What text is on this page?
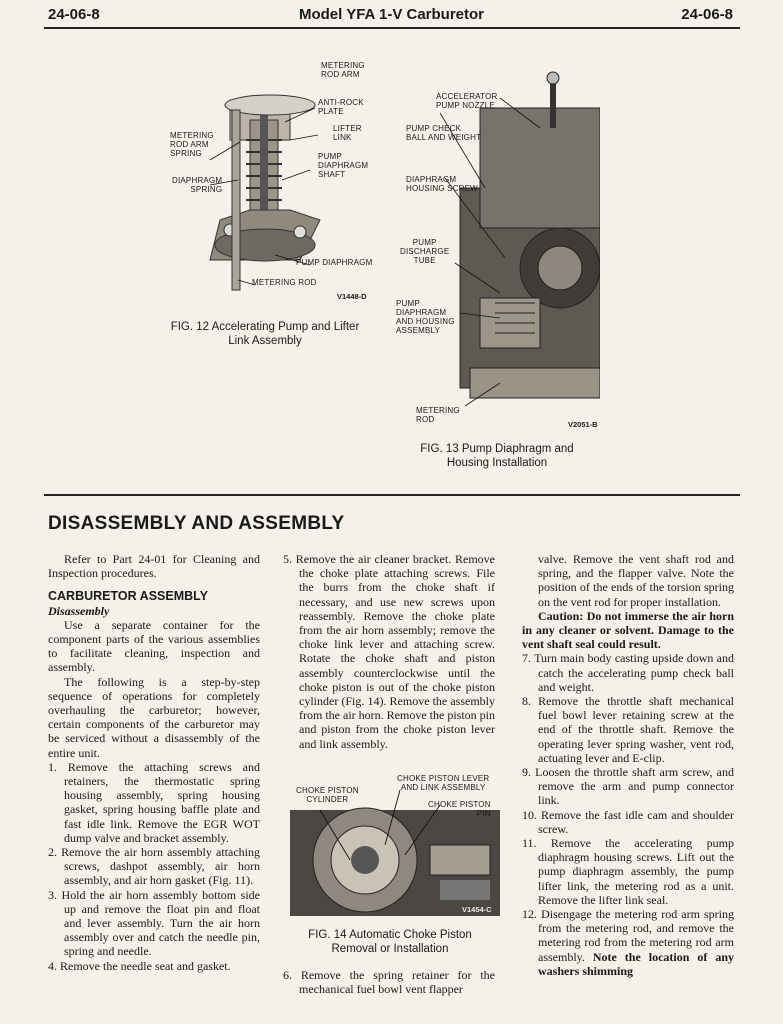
24-06-8	Model YFA 1-V Carburetor	24-06-8
METERING
ROD ARM
ANTI-ROCK
PLATE
LIFTER
LINK
PUMP
DIAPHRAGM
SHAFT
METERING
ROD ARM
SPRING
DIAPHRAGM
SPRING
PUMP DIAPHRAGM
METERING ROD
V1448-D
FIG. 12 Accelerating Pump and Lifter
Link Assembly
ACCELERATOR
PUMP NOZZLE
PUMP CHECK
BALL AND WEIGHT
DIAPHRAGM
HOUSING SCREW
PUMP
DISCHARGE
TUBE
PUMP
DIAPHRAGM
AND HOUSING
ASSEMBLY
METERING
ROD
V2051-B
FIG. 13 Pump Diaphragm and
Housing Installation
DISASSEMBLY AND ASSEMBLY

Refer to Part 24-01 for Cleaning and Inspection procedures.

CARBURETOR ASSEMBLY

Disassembly

Use a separate container for the component parts of the various assemblies to facilitate cleaning, inspection and assembly.

The following is a step-by-step sequence of operations for completely overhauling the carburetor; however, certain components of the carburetor may be serviced without a disassembly of the entire unit.

1. Remove the attaching screws and retainers, the thermostatic spring housing assembly, spring housing gasket, spring housing baffle plate and fast idle link. Remove the EGR WOT dump valve and bracket assembly.

2. Remove the air horn assembly attaching screws, dashpot assembly, air horn assembly, and air horn gasket (Fig. 11).

3. Hold the air horn assembly bottom side up and remove the float pin and float and lever assembly. Turn the air horn assembly over and catch the needle pin, spring and needle.

4. Remove the needle seat and gasket.

5. Remove the air cleaner bracket. Remove the choke plate attaching screws. File the burrs from the choke shaft if necessary, and use new screws upon reassembly. Remove the choke plate from the air horn assembly; remove the choke link lever and attaching screw. Rotate the choke shaft and piston assembly counterclockwise until the choke piston is out of the choke piston cylinder (Fig. 14). Remove the assembly from the air horn. Remove the piston pin and piston from the choke piston lever and link assembly.

CHOKE PISTON
CYLINDER
CHOKE PISTON LEVER
AND LINK ASSEMBLY
CHOKE PISTON
PIN
V1454-C
FIG. 14 Automatic Choke Piston
Removal or Installation

6. Remove the spring retainer for the mechanical fuel bowl vent flapper

valve. Remove the vent shaft rod and spring, and the flapper valve. Note the position of the ends of the torsion spring on the vent rod for proper installation.

Caution: Do not immerse the air horn in any cleaner or solvent. Damage to the vent shaft seal could result.

7. Turn main body casting upside down and catch the accelerating pump check ball and weight.

8. Remove the throttle shaft mechanical fuel bowl lever retaining screw at the end of the throttle shaft. Remove the operating lever spring washer, vent rod, actuating lever and E-clip.

9. Loosen the throttle shaft arm screw, and remove the arm and pump connector link.

10. Remove the fast idle cam and shoulder screw.

11. Remove the accelerating pump diaphragm housing screws. Lift out the pump diaphragm assembly, the pump lifter link, the metering rod as a unit. Remove the lifter link seal.

12. Disengage the metering rod arm spring from the metering rod, and remove the metering rod from the metering rod arm assembly. Note the location of any washers shimming
